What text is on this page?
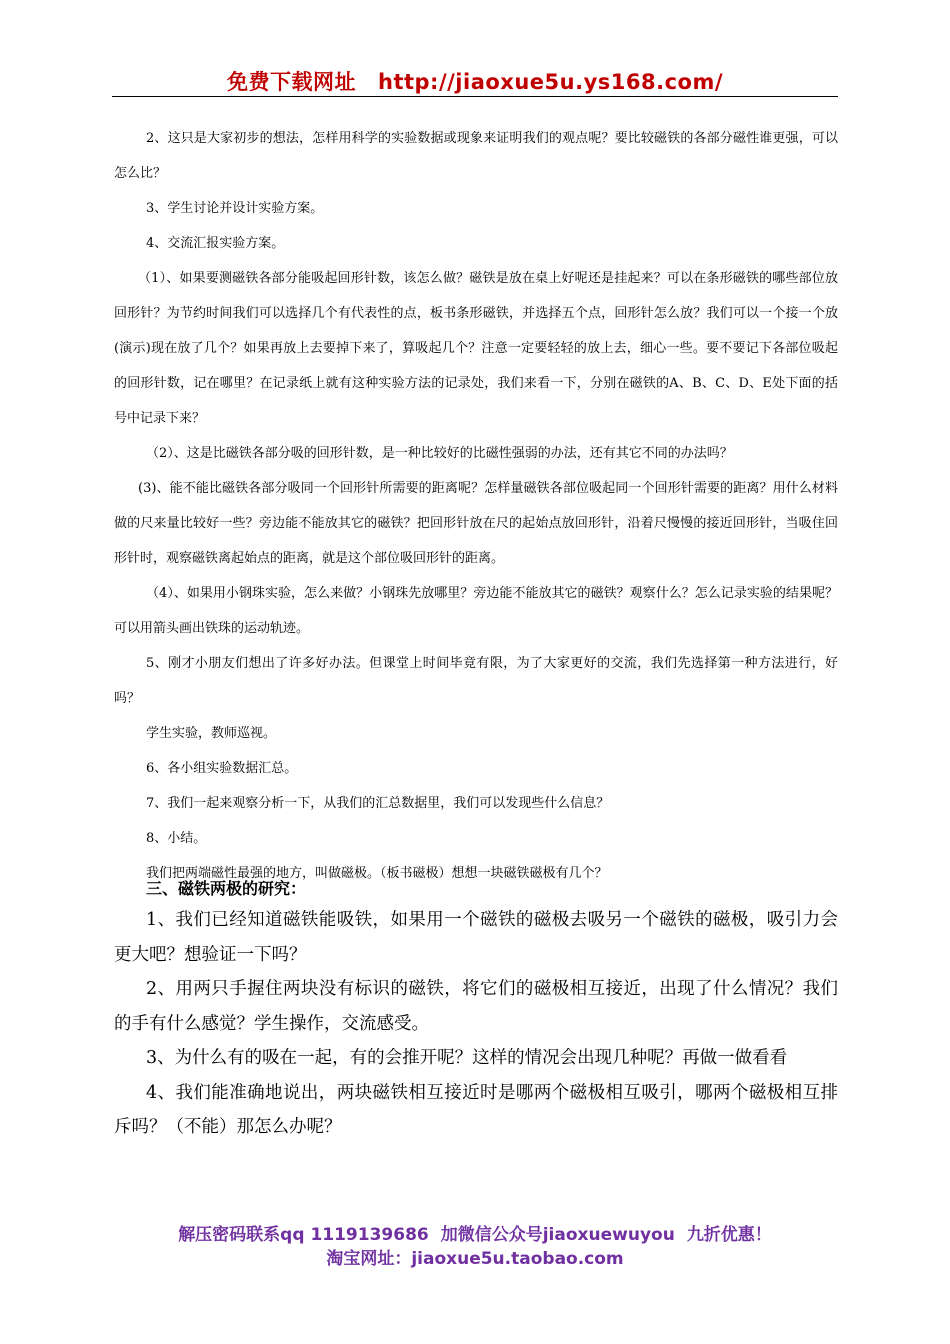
免费下载网址 http://jiaoxue5u.ys168.com/

2、这只是大家初步的想法，怎样用科学的实验数据或现象来证明我们的观点呢？要比较磁铁的各部分磁性谁更强，可以怎么比？

3、学生讨论并设计实验方案。

4、交流汇报实验方案。

（1）、如果要测磁铁各部分能吸起回形针数，该怎么做？磁铁是放在桌上好呢还是挂起来？可以在条形磁铁的哪些部位放回形针？为节约时间我们可以选择几个有代表性的点，板书条形磁铁，并选择五个点，回形针怎么放？我们可以一个接一个放(演示)现在放了几个？如果再放上去要掉下来了，算吸起几个？注意一定要轻轻的放上去，细心一些。要不要记下各部位吸起的回形针数，记在哪里？在记录纸上就有这种实验方法的记录处，我们来看一下，分别在磁铁的A、B、C、D、E处下面的括号中记录下来？

（2）、这是比磁铁各部分吸的回形针数，是一种比较好的比磁性强弱的办法，还有其它不同的办法吗？

(3)、能不能比磁铁各部分吸同一个回形针所需要的距离呢？怎样量磁铁各部位吸起同一个回形针需要的距离？用什么材料做的尺来量比较好一些？旁边能不能放其它的磁铁？把回形针放在尺的起始点放回形针，沿着尺慢慢的接近回形针，当吸住回形针时，观察磁铁离起始点的距离，就是这个部位吸回形针的距离。

（4）、如果用小钢珠实验，怎么来做？小钢珠先放哪里？旁边能不能放其它的磁铁？观察什么？怎么记录实验的结果呢？可以用箭头画出铁珠的运动轨迹。

5、刚才小朋友们想出了许多好办法。但课堂上时间毕竟有限，为了大家更好的交流，我们先选择第一种方法进行，好吗？

学生实验，教师巡视。

6、各小组实验数据汇总。

7、我们一起来观察分析一下，从我们的汇总数据里，我们可以发现些什么信息？

8、小结。

我们把两端磁性最强的地方，叫做磁极。（板书磁极）想想一块磁铁磁极有几个？

三、磁铁两极的研究：

1、我们已经知道磁铁能吸铁，如果用一个磁铁的磁极去吸另一个磁铁的磁极，吸引力会更大吧？想验证一下吗？

2、用两只手握住两块没有标识的磁铁，将它们的磁极相互接近，出现了什么情况？我们的手有什么感觉？学生操作，交流感受。

3、为什么有的吸在一起，有的会推开呢？这样的情况会出现几种呢？再做一做看看

4、我们能准确地说出，两块磁铁相互接近时是哪两个磁极相互吸引，哪两个磁极相互排斥吗？（不能）那怎么办呢？

解压密码联系qq 1119139686 加微信公众号jiaoxuewuyou 九折优惠！
淘宝网址：jiaoxue5u.taobao.com
